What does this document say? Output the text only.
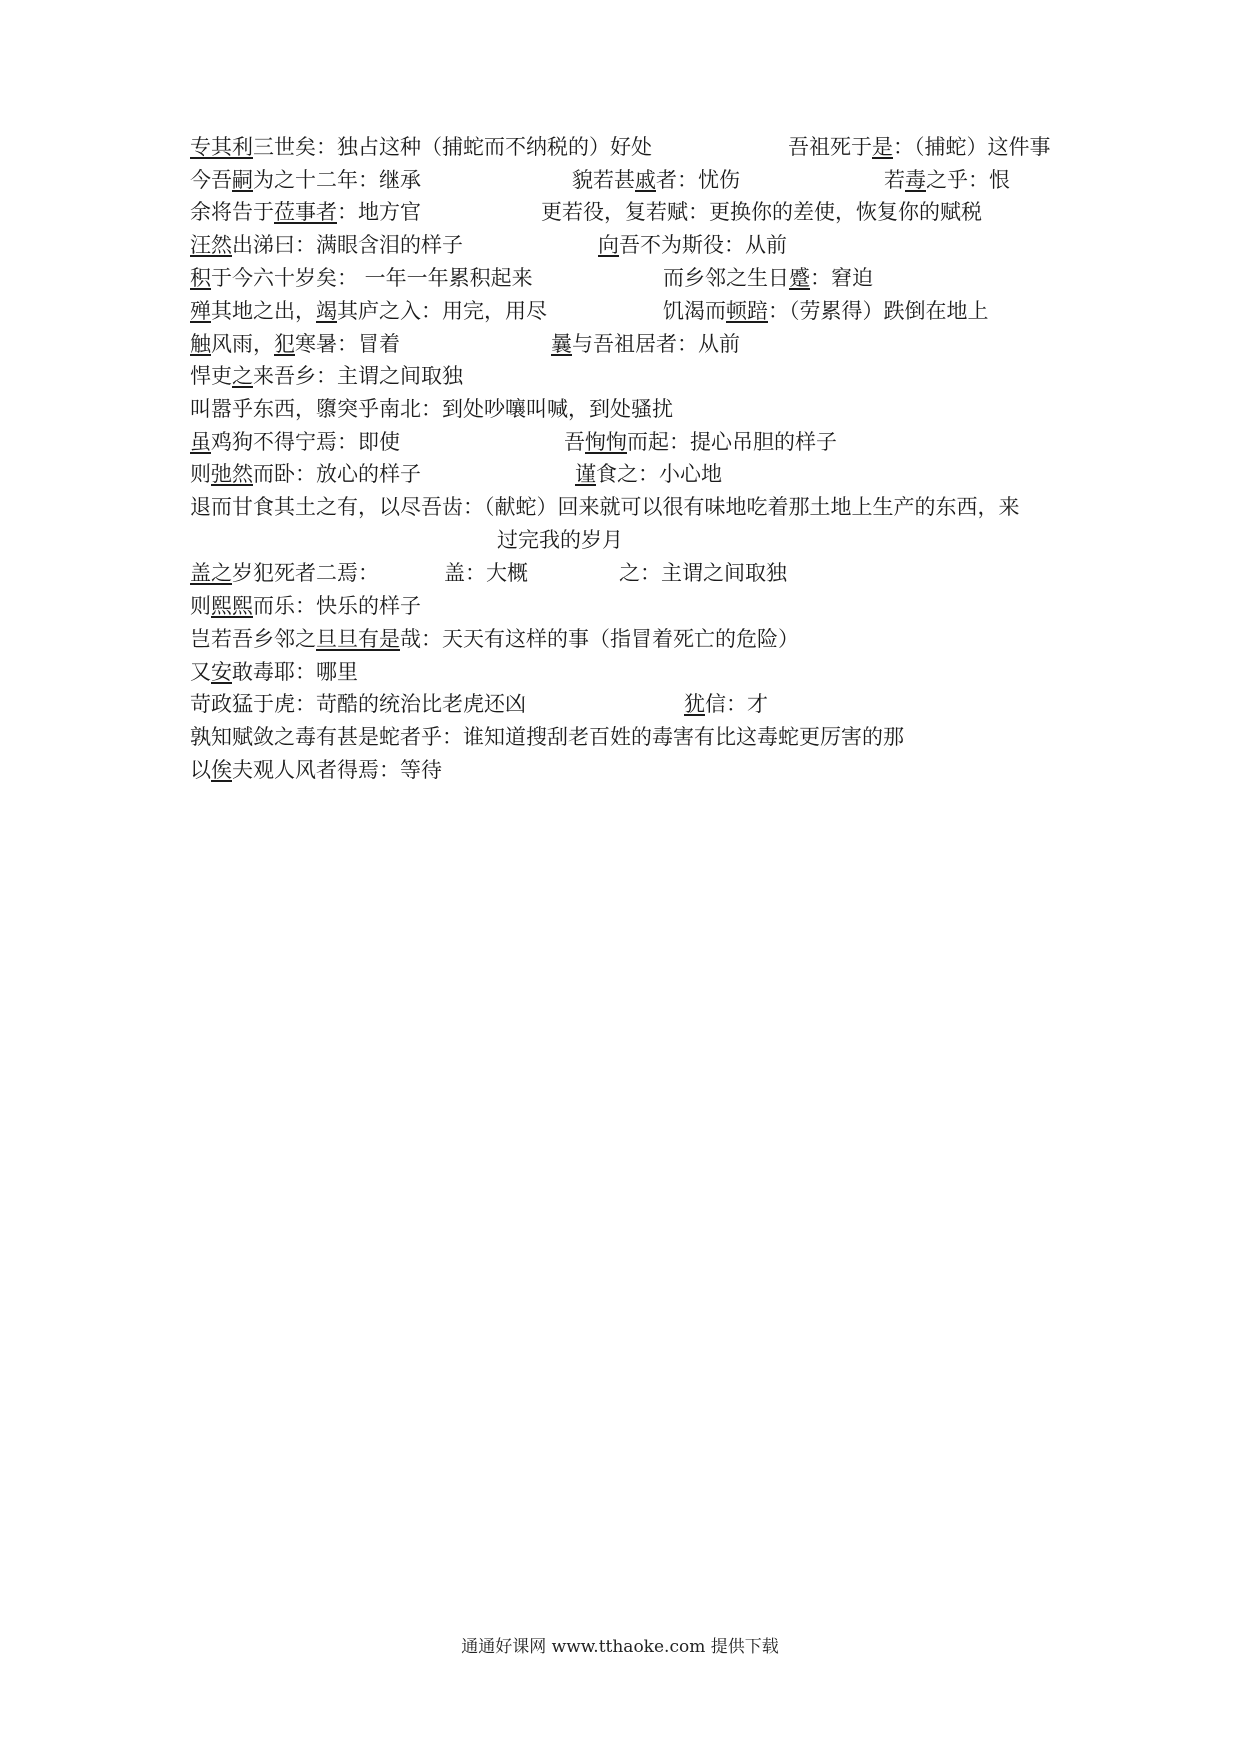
专其利三世矣：独占这种（捕蛇而不纳税的）好处	吾祖死于是：（捕蛇）这件事
今吾嗣为之十二年：继承	貌若甚戚者：忧伤	若毒之乎：恨
余将告于莅事者：地方官	更若役，复若赋：更换你的差使，恢复你的赋税
汪然出涕曰：满眼含泪的样子	向吾不为斯役：从前
积于今六十岁矣： 一年一年累积起来	而乡邻之生日蹙：窘迫
殚其地之出，竭其庐之入：用完，用尽	饥渴而顿踣：（劳累得）跌倒在地上
触风雨，犯寒暑：冒着	曩与吾祖居者：从前
悍吏之来吾乡：主谓之间取独
叫嚣乎东西，隳突乎南北：到处吵嚷叫喊，到处骚扰
虽鸡狗不得宁焉：即使	吾恂恂而起：提心吊胆的样子
则弛然而卧：放心的样子	谨食之：小心地
退而甘食其土之有，以尽吾齿：（献蛇）回来就可以很有味地吃着那土地上生产的东西，来
过完我的岁月
盖之岁犯死者二焉：	盖：大概	之：主谓之间取独
则熙熙而乐：快乐的样子
岂若吾乡邻之旦旦有是哉：天天有这样的事（指冒着死亡的危险）
又安敢毒耶：哪里
苛政猛于虎：苛酷的统治比老虎还凶	犹信：才
孰知赋敛之毒有甚是蛇者乎：谁知道搜刮老百姓的毒害有比这毒蛇更厉害的那
以俟夫观人风者得焉：等待
通通好课网 www.tthaoke.com 提供下载
